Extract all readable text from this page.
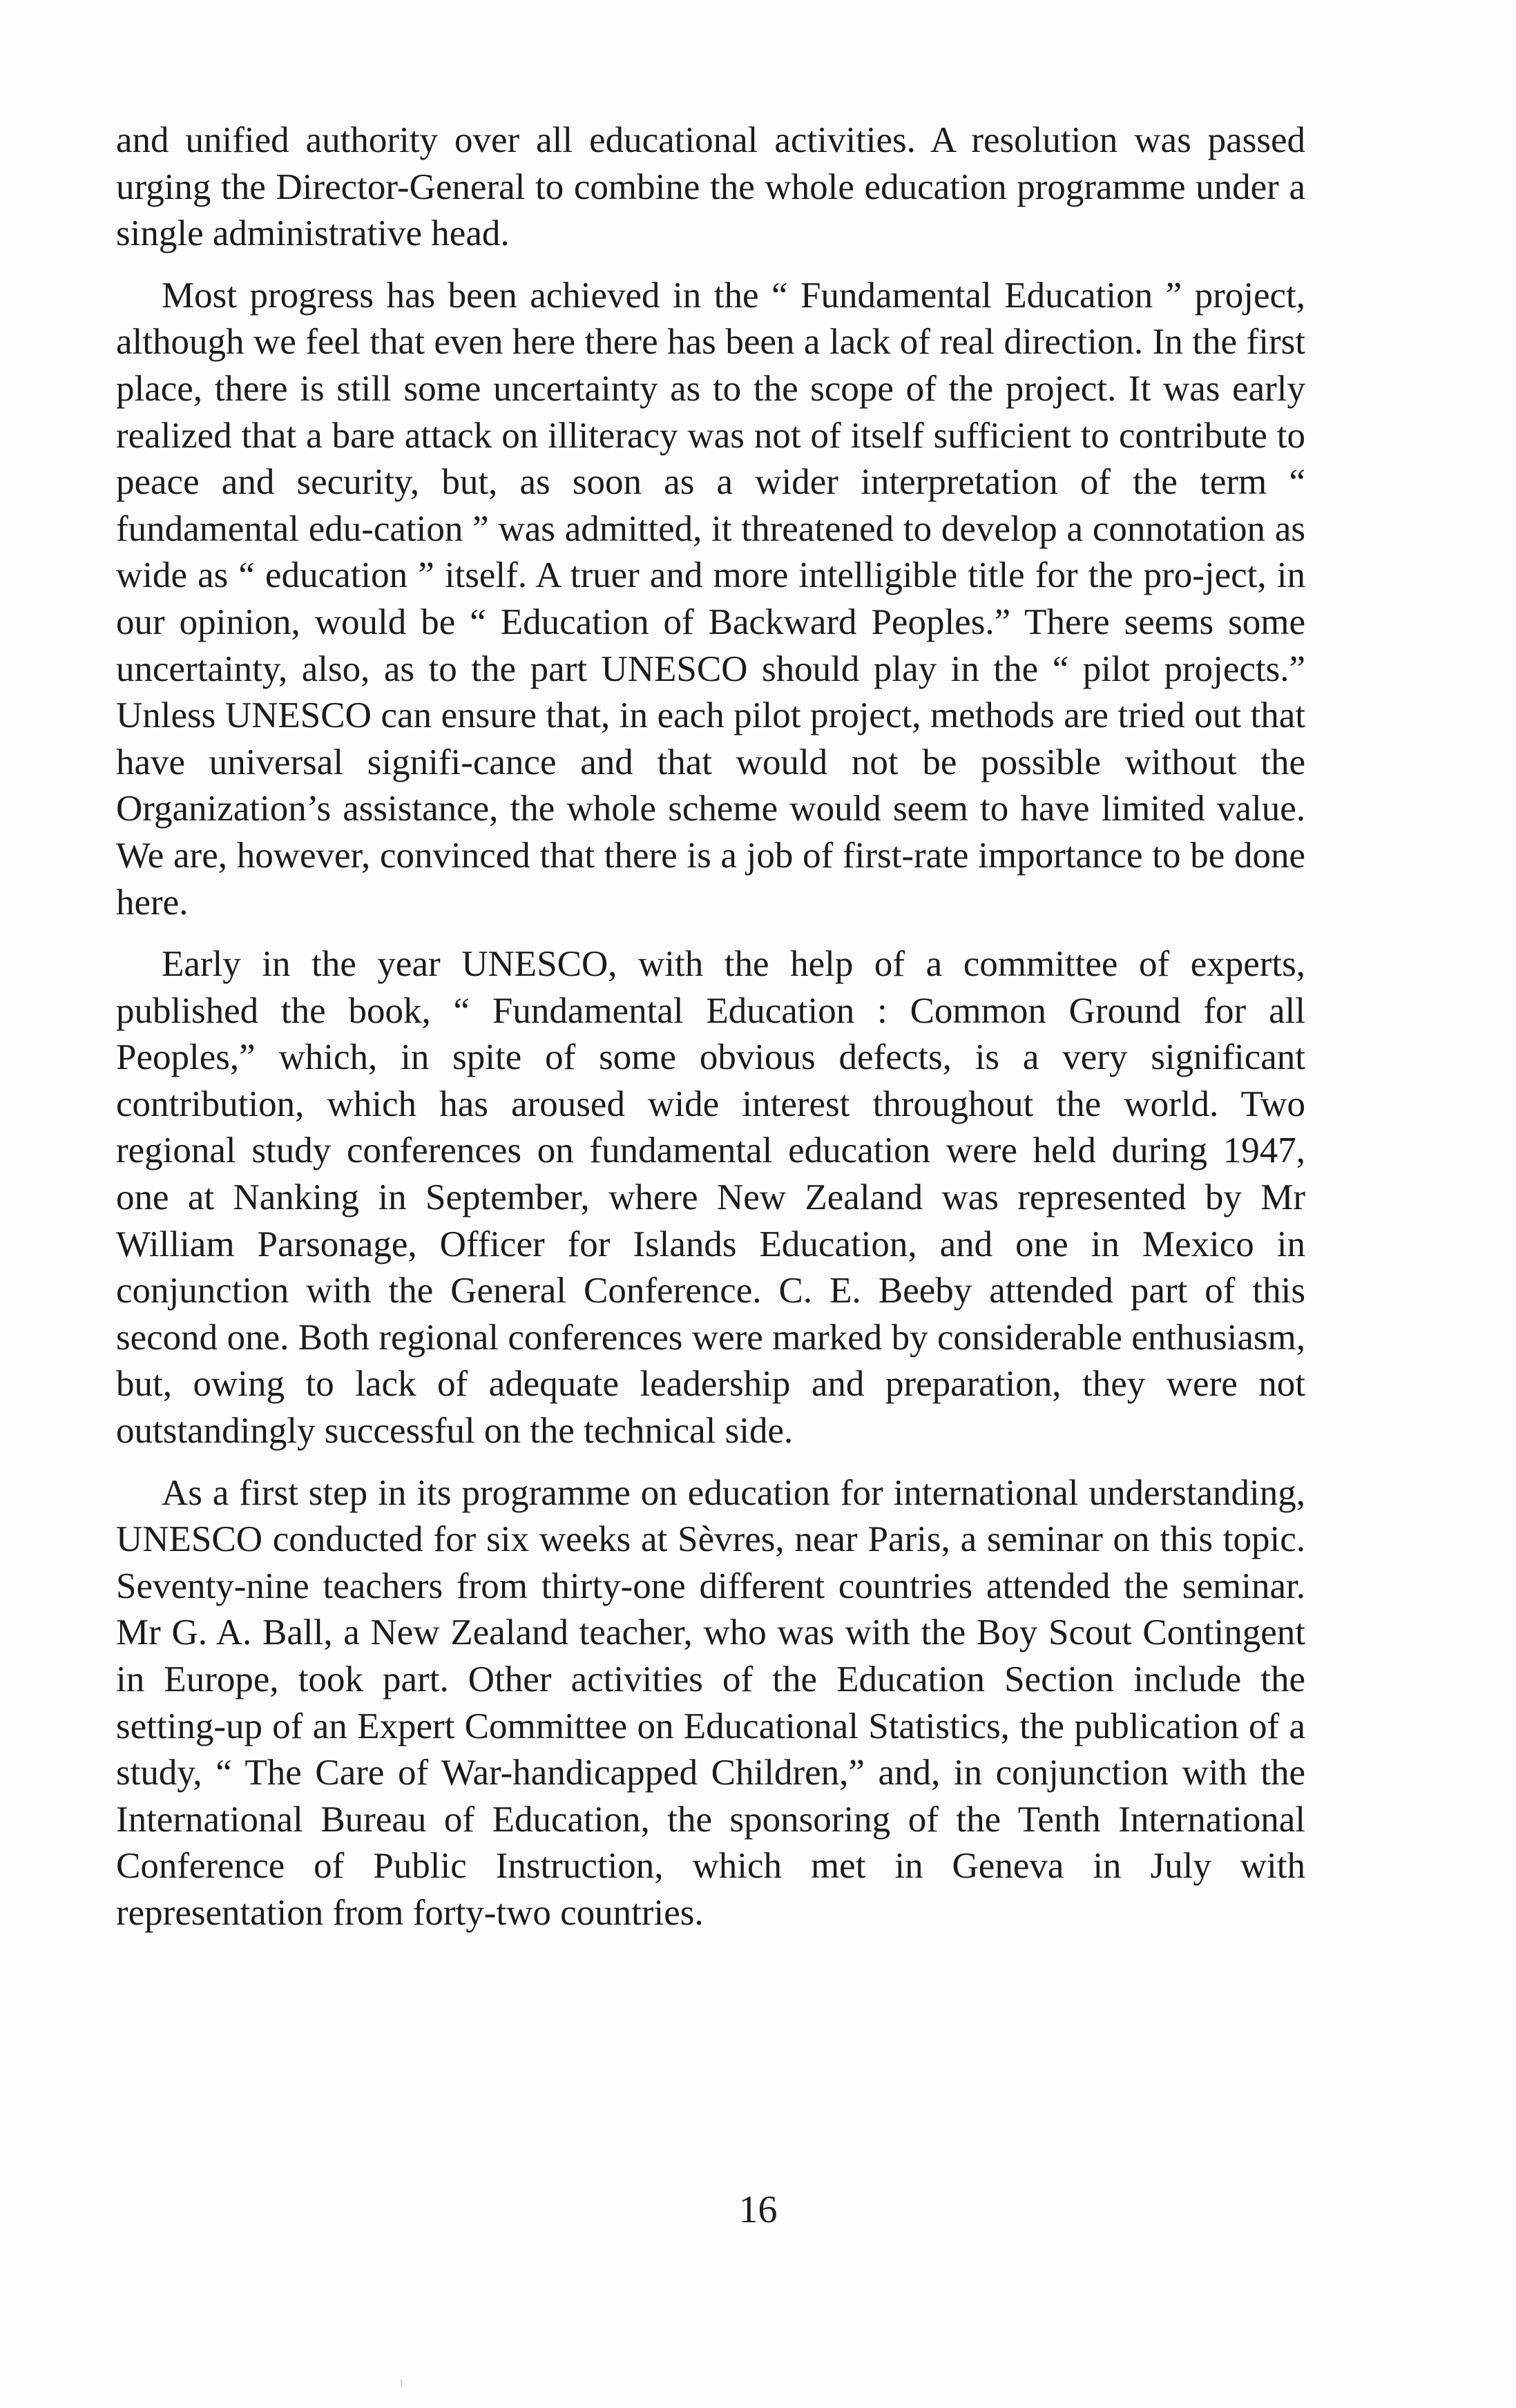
and unified authority over all educational activities. A resolution was passed urging the Director-General to combine the whole education programme under a single administrative head.

Most progress has been achieved in the “ Fundamental Education ” project, although we feel that even here there has been a lack of real direction. In the first place, there is still some uncertainty as to the scope of the project. It was early realized that a bare attack on illiteracy was not of itself sufficient to contribute to peace and security, but, as soon as a wider interpretation of the term “ fundamental edu-cation ” was admitted, it threatened to develop a connotation as wide as “ education ” itself. A truer and more intelligible title for the pro-ject, in our opinion, would be “ Education of Backward Peoples.” There seems some uncertainty, also, as to the part UNESCO should play in the “ pilot projects.” Unless UNESCO can ensure that, in each pilot project, methods are tried out that have universal signifi-cance and that would not be possible without the Organization’s assistance, the whole scheme would seem to have limited value. We are, however, convinced that there is a job of first-rate importance to be done here.

Early in the year UNESCO, with the help of a committee of experts, published the book, “ Fundamental Education : Common Ground for all Peoples,” which, in spite of some obvious defects, is a very significant contribution, which has aroused wide interest throughout the world. Two regional study conferences on fundamental education were held during 1947, one at Nanking in September, where New Zealand was represented by Mr William Parsonage, Officer for Islands Education, and one in Mexico in conjunction with the General Conference. C. E. Beeby attended part of this second one. Both regional conferences were marked by considerable enthusiasm, but, owing to lack of adequate leadership and preparation, they were not outstandingly successful on the technical side.

As a first step in its programme on education for international understanding, UNESCO conducted for six weeks at Sèvres, near Paris, a seminar on this topic. Seventy-nine teachers from thirty-one different countries attended the seminar. Mr G. A. Ball, a New Zealand teacher, who was with the Boy Scout Contingent in Europe, took part. Other activities of the Education Section include the setting-up of an Expert Committee on Educational Statistics, the publication of a study, “ The Care of War-handicapped Children,” and, in conjunction with the International Bureau of Education, the sponsoring of the Tenth International Conference of Public Instruction, which met in Geneva in July with representation from forty-two countries.

16
